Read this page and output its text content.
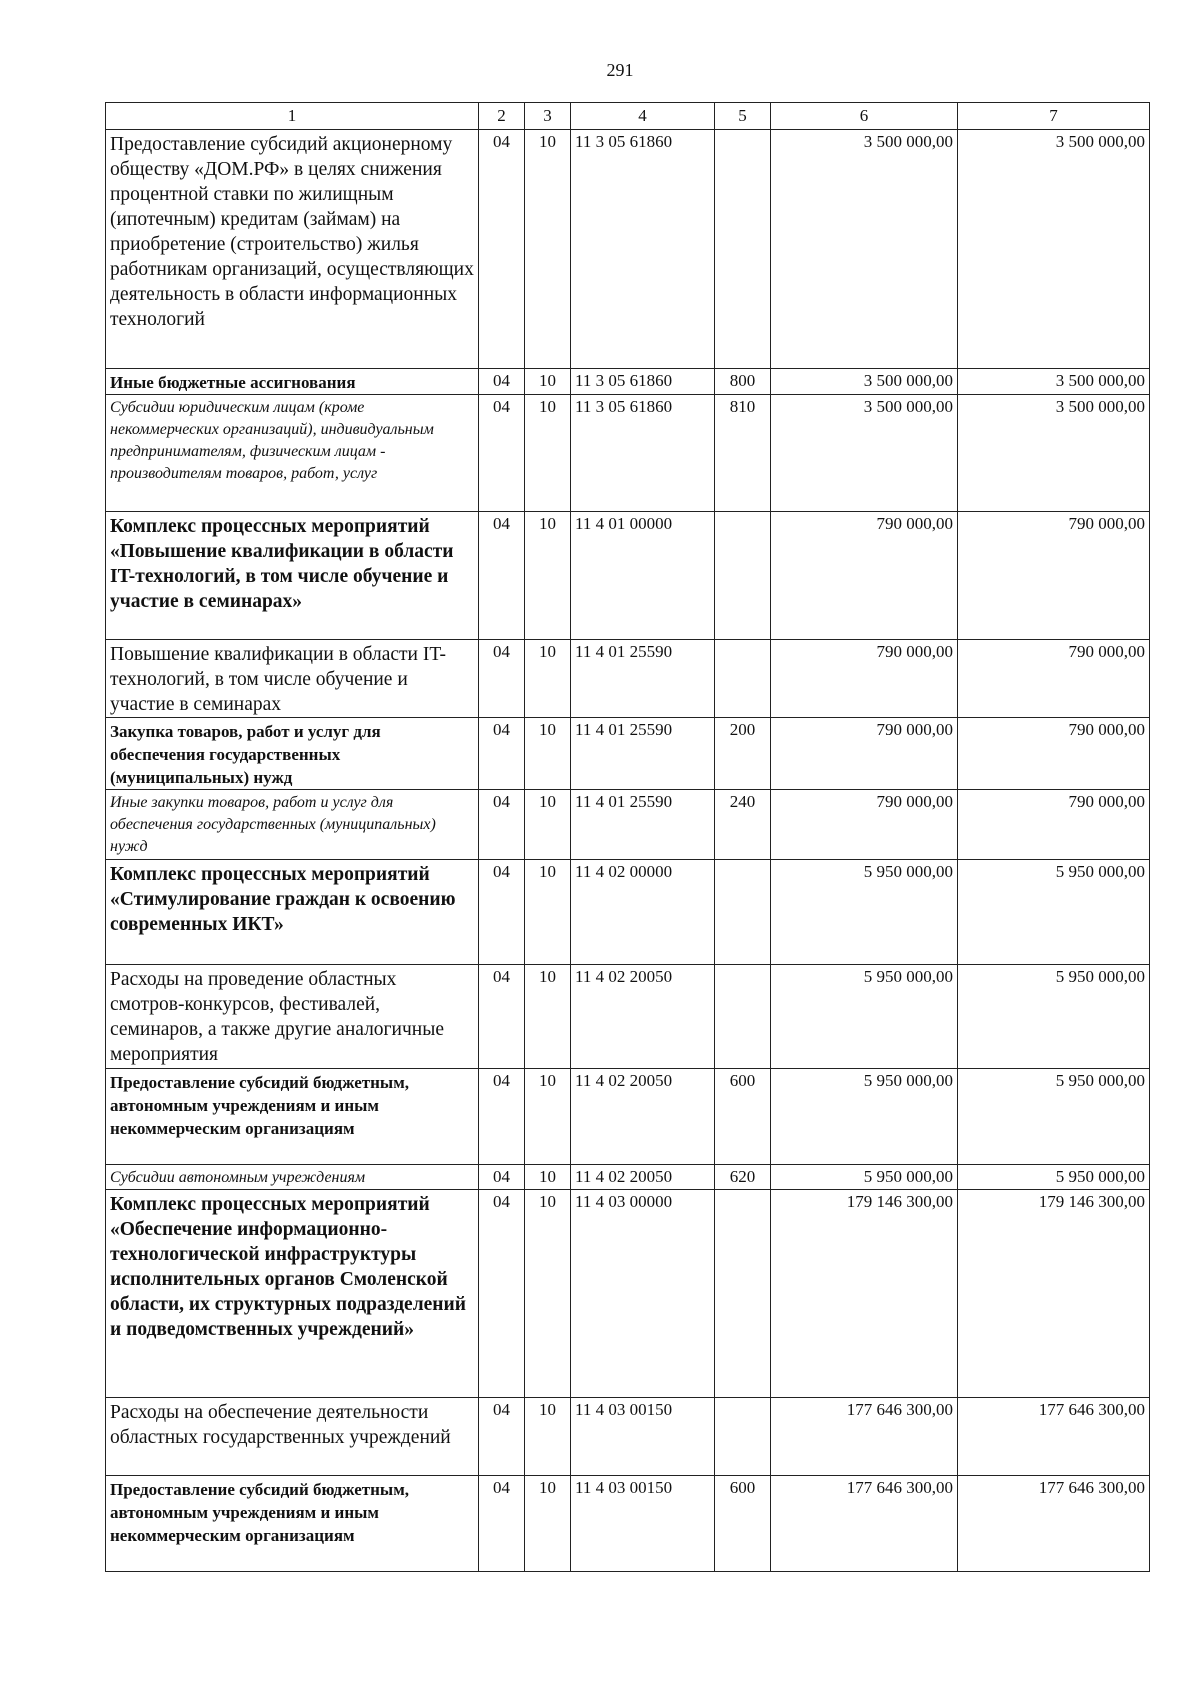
291
1	2	3	4	5	6	7
Предоставление субсидий акционерному обществу «ДОМ.РФ» в целях снижения процентной ставки по жилищным (ипотечным) кредитам (займам) на приобретение (строительство) жилья работникам организаций, осуществляющих деятельность в области информационных технологий	04	10	11 3 05 61860		3 500 000,00	3 500 000,00
Иные бюджетные ассигнования	04	10	11 3 05 61860	800	3 500 000,00	3 500 000,00
Субсидии юридическим лицам (кроме некоммерческих организаций), индивидуальным предпринимателям, физическим лицам - производителям товаров, работ, услуг	04	10	11 3 05 61860	810	3 500 000,00	3 500 000,00
Комплекс процессных мероприятий «Повышение квалификации в области IT-технологий, в том числе обучение и участие в семинарах»	04	10	11 4 01 00000		790 000,00	790 000,00
Повышение квалификации в области IT-технологий, в том числе обучение и участие в семинарах	04	10	11 4 01 25590		790 000,00	790 000,00
Закупка товаров, работ и услуг для обеспечения государственных (муниципальных) нужд	04	10	11 4 01 25590	200	790 000,00	790 000,00
Иные закупки товаров, работ и услуг для обеспечения государственных (муниципальных) нужд	04	10	11 4 01 25590	240	790 000,00	790 000,00
Комплекс процессных мероприятий «Стимулирование граждан к освоению современных ИКТ»	04	10	11 4 02 00000		5 950 000,00	5 950 000,00
Расходы на проведение областных смотров-конкурсов, фестивалей, семинаров, а также другие аналогичные мероприятия	04	10	11 4 02 20050		5 950 000,00	5 950 000,00
Предоставление субсидий бюджетным, автономным учреждениям и иным некоммерческим организациям	04	10	11 4 02 20050	600	5 950 000,00	5 950 000,00
Субсидии автономным учреждениям	04	10	11 4 02 20050	620	5 950 000,00	5 950 000,00
Комплекс процессных мероприятий «Обеспечение информационно-технологической инфраструктуры исполнительных органов Смоленской области, их структурных подразделений и подведомственных учреждений»	04	10	11 4 03 00000		179 146 300,00	179 146 300,00
Расходы на обеспечение деятельности областных государственных учреждений	04	10	11 4 03 00150		177 646 300,00	177 646 300,00
Предоставление субсидий бюджетным, автономным учреждениям и иным некоммерческим организациям	04	10	11 4 03 00150	600	177 646 300,00	177 646 300,00
